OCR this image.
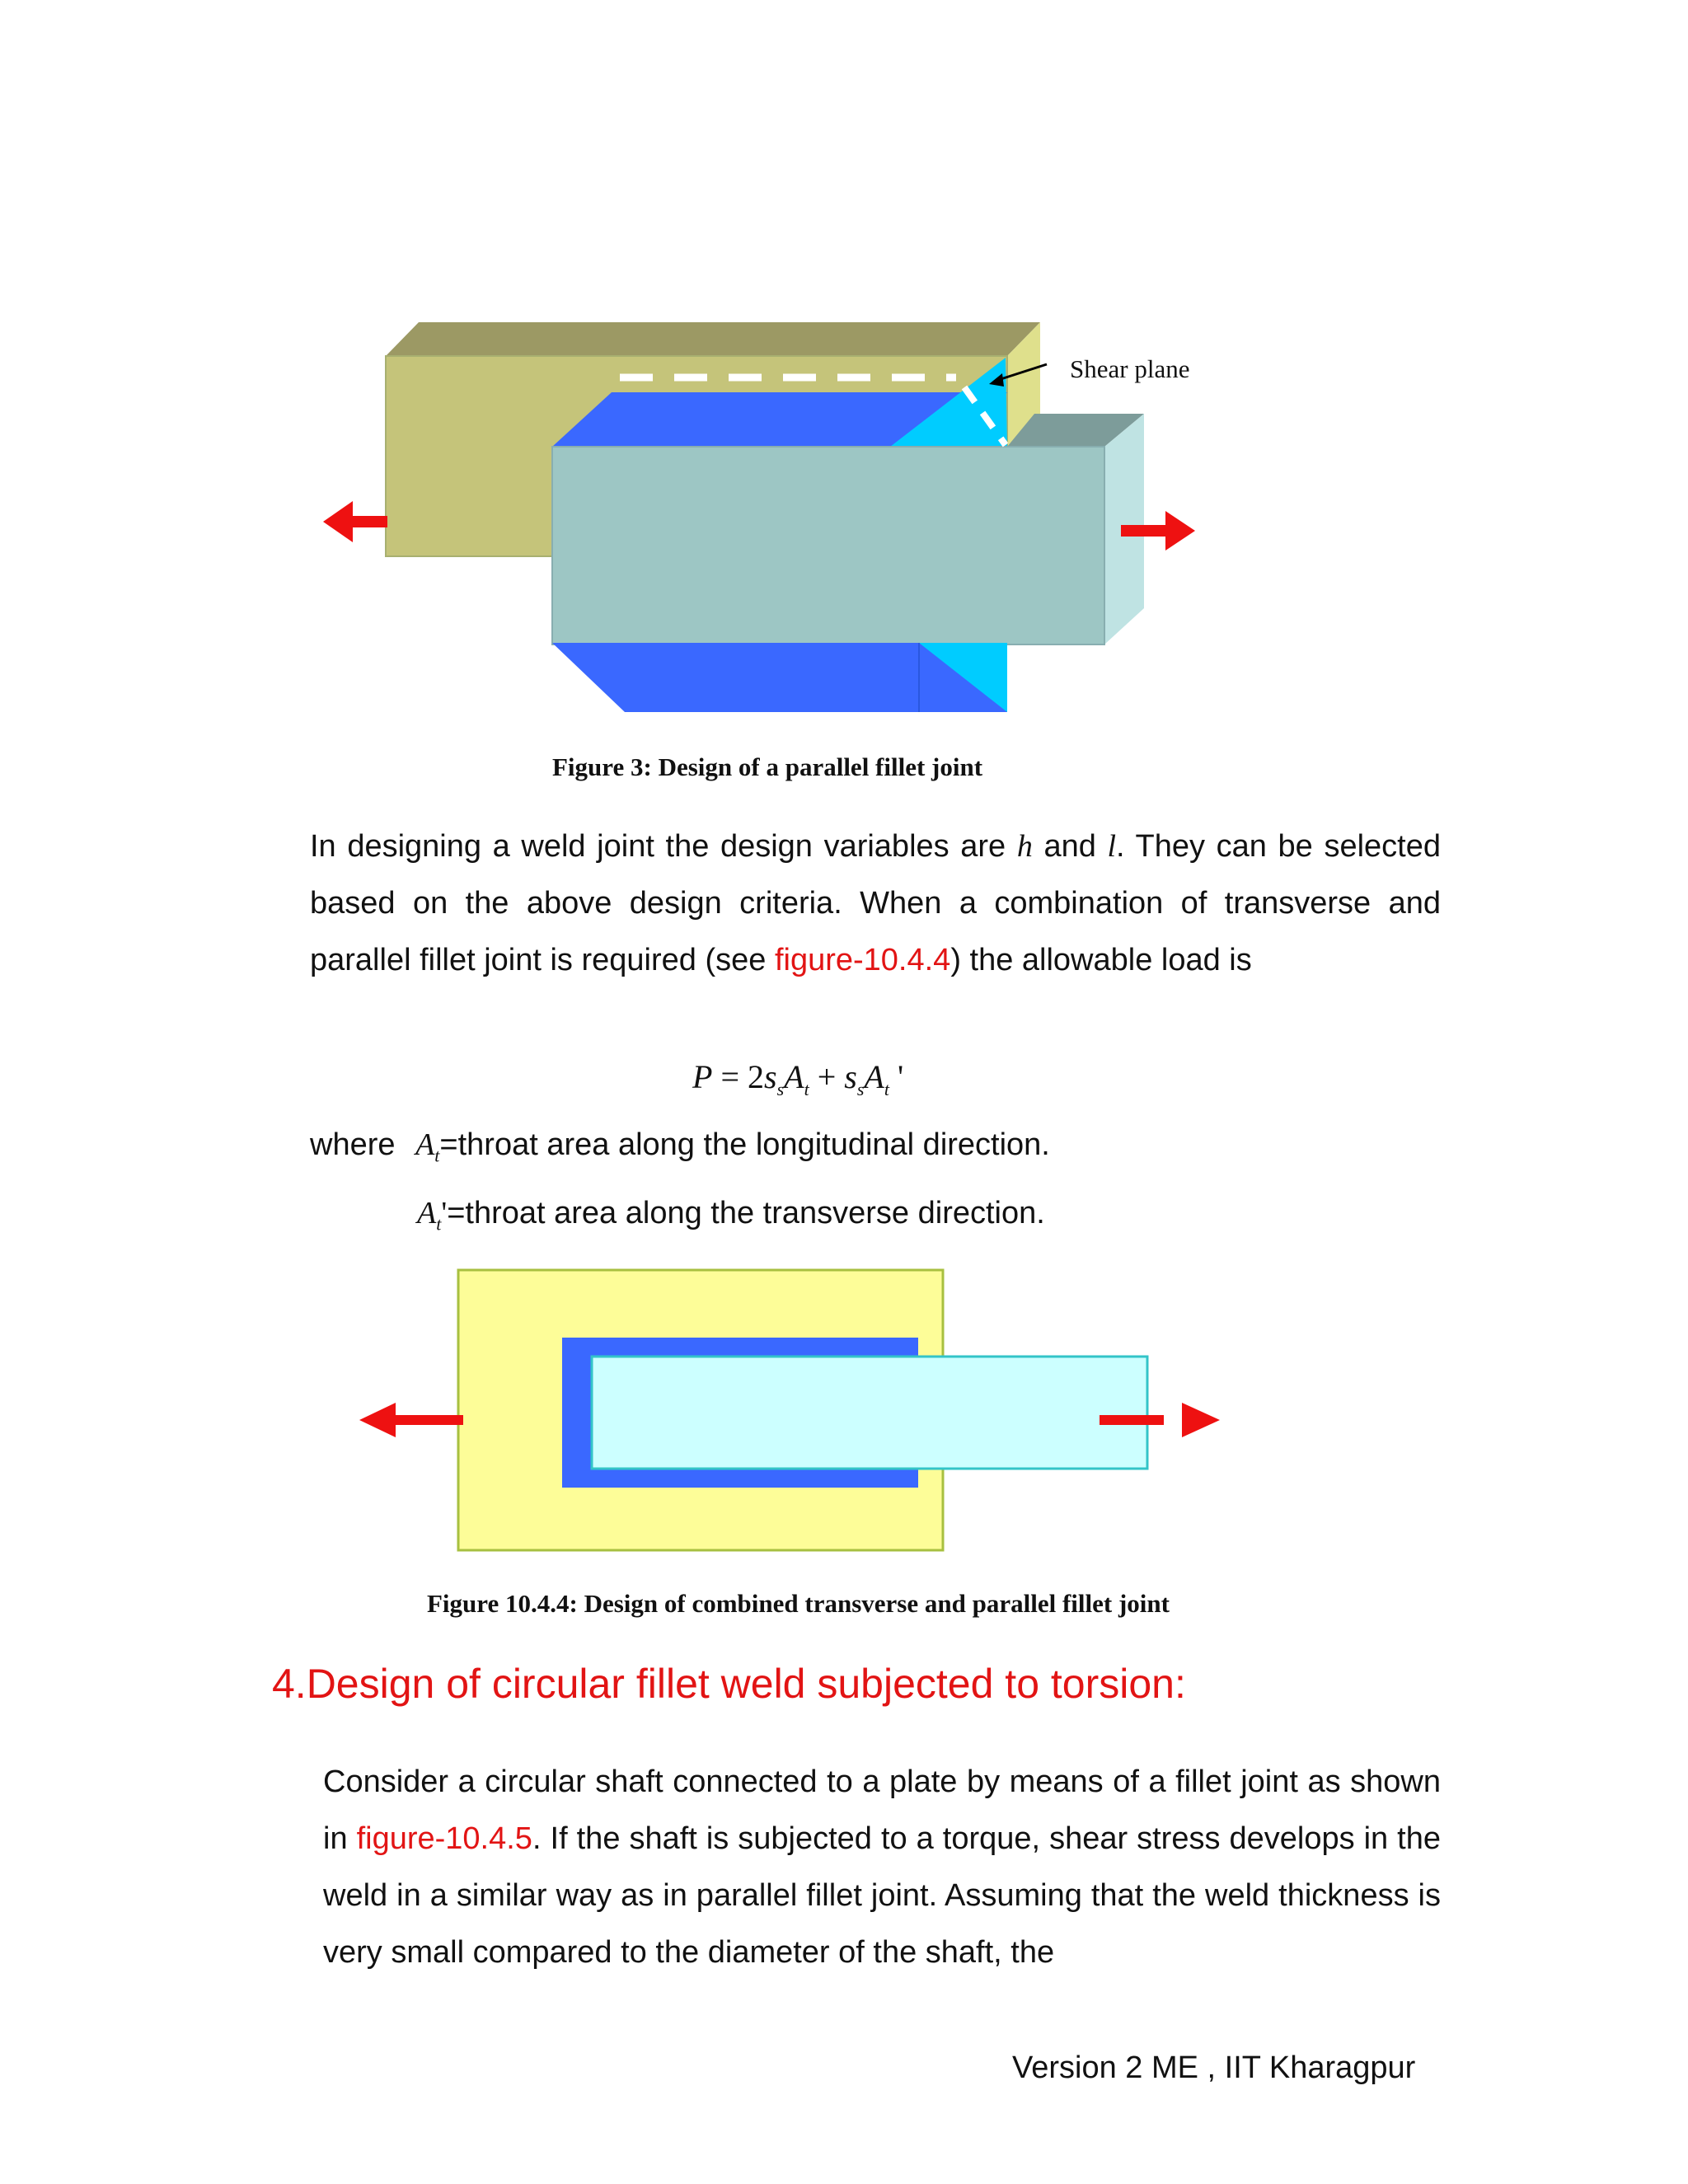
Shear plane
Figure 3: Design of a parallel fillet joint
In designing a weld joint the design variables are h and l. They can be selected based on the above design criteria. When a combination of transverse and parallel fillet joint is required (see figure-10.4.4) the allowable load is
$P = 2s_sA_t + s_sA_t$ '
where $A_t=throat$ area along the longitudinal direction.
$A_t'=throat$ area along the transverse direction.
Figure 10.4.4: Design of combined transverse and parallel fillet joint
4.Design of circular fillet weld subjected to torsion:
Consider a circular shaft connected to a plate by means of a fillet joint as shown in figure-10.4.5. If the shaft is subjected to a torque, shear stress develops in the weld in a similar way as in parallel fillet joint. Assuming that the weld thickness is very small compared to the diameter of the shaft, the
Version 2 ME , IIT Kharagpur
